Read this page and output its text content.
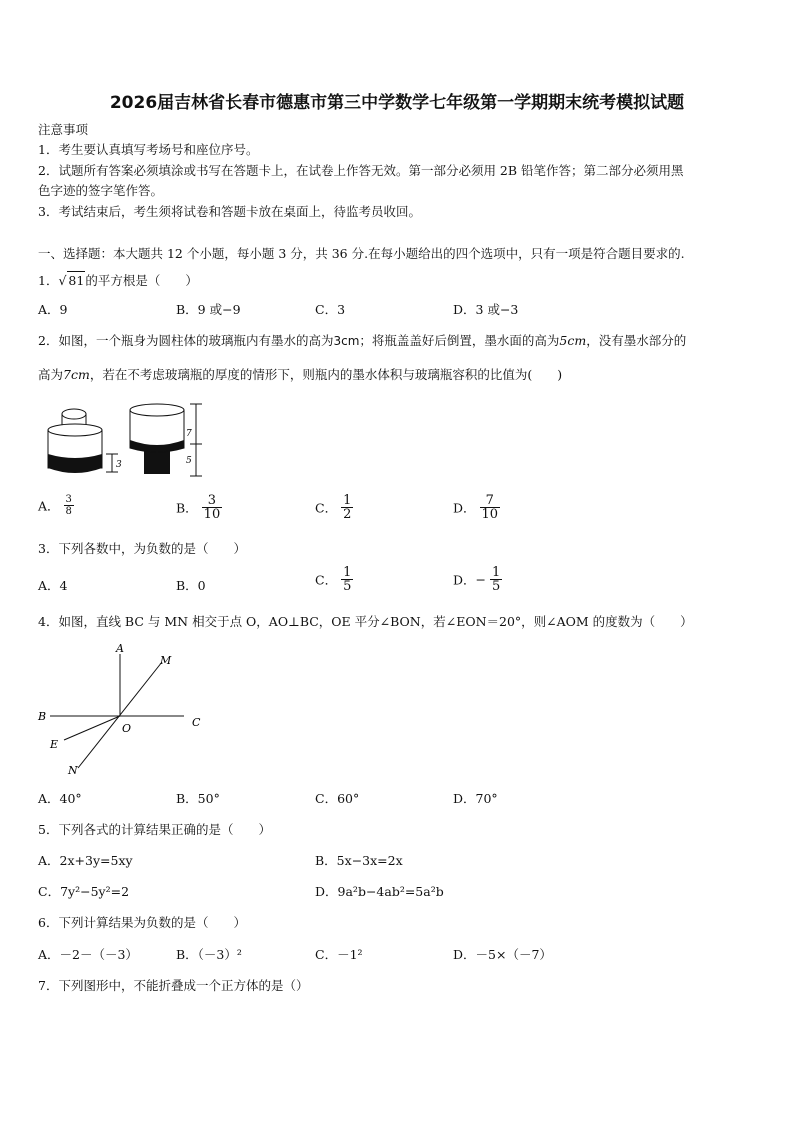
2026届吉林省长春市德惠市第三中学数学七年级第一学期期末统考模拟试题
注意事项
1．考生要认真填写考场号和座位序号。
2．试题所有答案必须填涂或书写在答题卡上，在试卷上作答无效。第一部分必须用 2B 铅笔作答；第二部分必须用黑
色字迹的签字笔作答。
3．考试结束后，考生须将试卷和答题卡放在桌面上，待监考员收回。
一、选择题：本大题共 12 个小题，每小题 3 分，共 36 分.在每小题给出的四个选项中，只有一项是符合题目要求的.
1．√ 81的平方根是（　　）
A．9	B．9 或−9	C．3	D．3 或−3
2．如图，一个瓶身为圆柱体的玻璃瓶内有墨水的高为3cm；将瓶盖盖好后倒置，墨水面的高为5cm，没有墨水部分的
高为7cm，若在不考虑玻璃瓶的厚度的情形下，则瓶内的墨水体积与玻璃瓶容积的比值为(　　)
3
7
5
A． $\frac{3}{8}$	B． $\frac{3}{10}$	C． $\frac{1}{2}$	D． $\frac{7}{10}$
3．下列各数中，为负数的是（　　）
A．4	B．0	C． $\frac{1}{5}$	D．− $\frac{1}{5}$
4．如图，直线 BC 与 MN 相交于点 O，AO⊥BC，OE 平分∠BON，若∠EON＝20°，则∠AOM 的度数为（　　）
A
M
B	C
O
E
N
A．40°	B．50°	C．60°	D．70°
5．下列各式的计算结果正确的是（　　）
A．2x+3y=5xy	B．5x−3x=2x
C．7y²−5y²=2	D．9a²b−4ab²=5a²b
6．下列计算结果为负数的是（　　）
A．－2－（－3）	B．（－3）²	C．－1²	D．－5×（－7）
7．下列图形中，不能折叠成一个正方体的是（）
